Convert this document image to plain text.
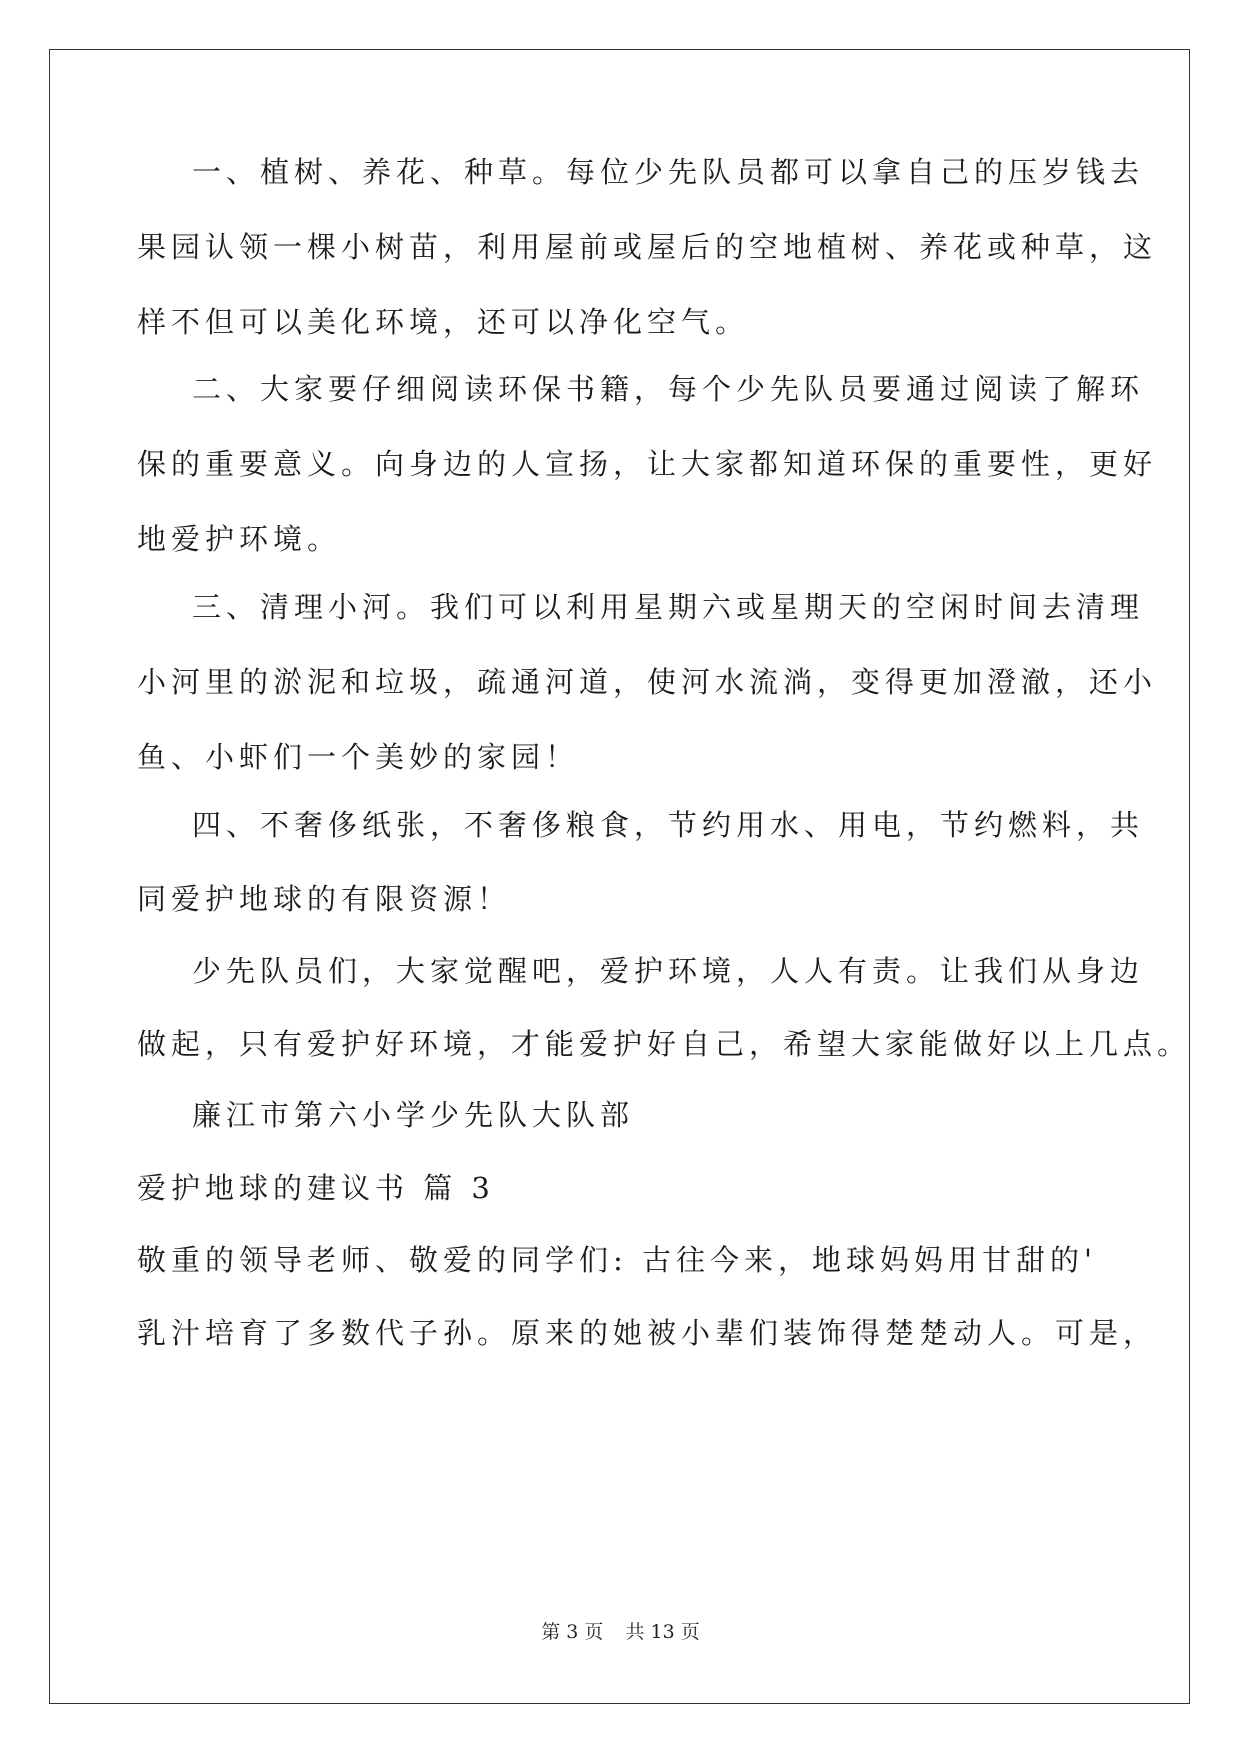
一、植树、养花、种草。每位少先队员都可以拿自己的压岁钱去
果园认领一棵小树苗，利用屋前或屋后的空地植树、养花或种草，这
样不但可以美化环境，还可以净化空气。
二、大家要仔细阅读环保书籍，每个少先队员要通过阅读了解环
保的重要意义。向身边的人宣扬，让大家都知道环保的重要性，更好
地爱护环境。
三、清理小河。我们可以利用星期六或星期天的空闲时间去清理
小河里的淤泥和垃圾，疏通河道，使河水流淌，变得更加澄澈，还小
鱼、小虾们一个美妙的家园！
四、不奢侈纸张，不奢侈粮食，节约用水、用电，节约燃料，共
同爱护地球的有限资源！
少先队员们，大家觉醒吧，爱护环境，人人有责。让我们从身边
做起，只有爱护好环境，才能爱护好自己，希望大家能做好以上几点。
廉江市第六小学少先队大队部
爱护地球的建议书 篇 3
敬重的领导老师、敬爱的同学们: 古往今来，地球妈妈用甘甜的'
乳汁培育了多数代子孙。原来的她被小辈们装饰得楚楚动人。可是，
第 3 页 共 13 页
